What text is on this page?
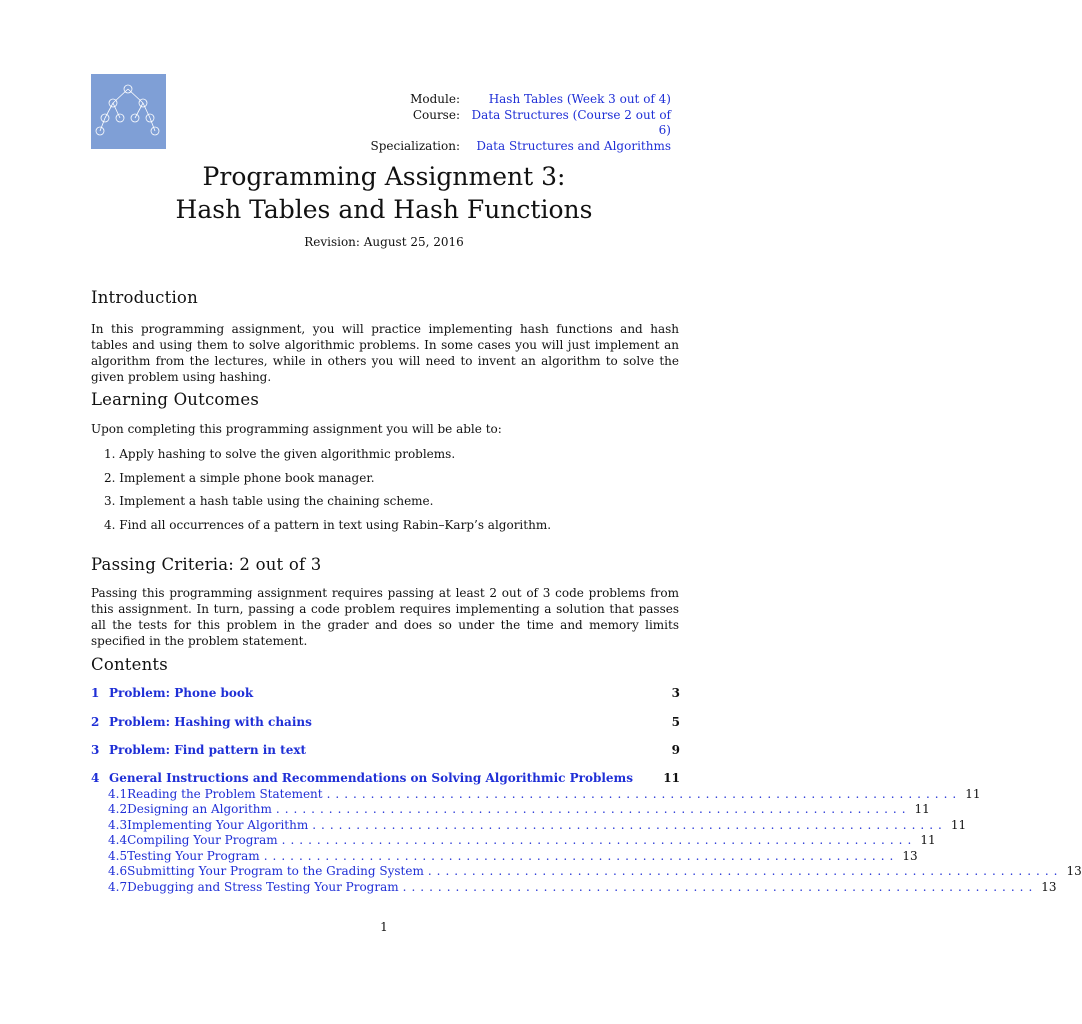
Module:	Hash Tables (Week 3 out of 4)
Course: Data Structures (Course 2 out of 6)
Specialization:	Data Structures and Algorithms
Programming Assignment 3:
Hash Tables and Hash Functions
Revision: August 25, 2016
Introduction

In this programming assignment, you will practice implementing hash functions and hash tables and using them to solve algorithmic problems. In some cases you will just implement an algorithm from the lectures, while in others you will need to invent an algorithm to solve the given problem using hashing.

Learning Outcomes

Upon completing this programming assignment you will be able to:

1. Apply hashing to solve the given algorithmic problems.
2. Implement a simple phone book manager.
3. Implement a hash table using the chaining scheme.
4. Find all occurrences of a pattern in text using Rabin–Karp’s algorithm.
Passing Criteria: 2 out of 3

Passing this programming assignment requires passing at least 2 out of 3 code problems from this assignment. In turn, passing a code problem requires implementing a solution that passes all the tests for this problem in the grader and does so under the time and memory limits specified in the problem statement.

Contents
1 Problem: Phone book	3
2 Problem: Hashing with chains	5
3 Problem: Find pattern in text	9
4 General Instructions and Recommendations on Solving Algorithmic Problems	11
4.1 Reading the Problem Statement ........................................................................ 11
4.2 Designing an Algorithm ........................................................................ 11
4.3 Implementing Your Algorithm ........................................................................ 11
4.4 Compiling Your Program ........................................................................ 11
4.5 Testing Your Program ........................................................................ 13
4.6 Submitting Your Program to the Grading System ........................................................................ 13
4.7 Debugging and Stress Testing Your Program ........................................................................ 13
1
